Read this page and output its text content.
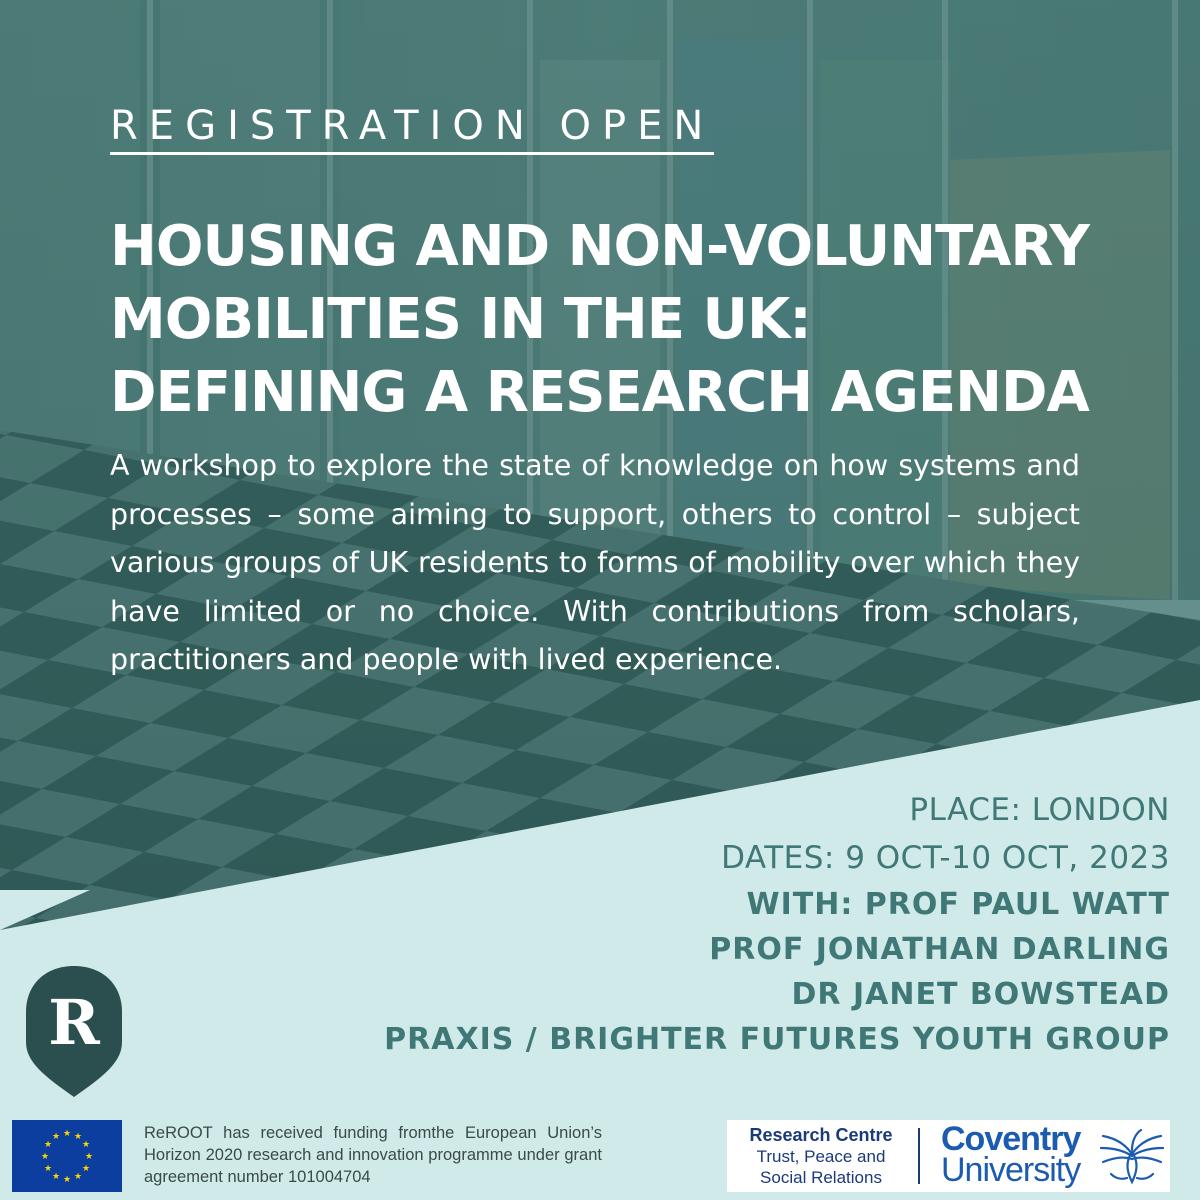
REGISTRATION OPEN
HOUSING AND NON-VOLUNTARY
MOBILITIES IN THE UK:
DEFINING A RESEARCH AGENDA

A workshop to explore the state of knowledge on how systems and processes – some aiming to support, others to control – subject various groups of UK residents to forms of mobility over which they have limited or no choice. With contributions from scholars, practitioners and people with lived experience.

PLACE: LONDON
DATES: 9 OCT-10 OCT, 2023
WITH: PROF PAUL WATT
PROF JONATHAN DARLING
DR JANET BOWSTEAD
PRAXIS / BRIGHTER FUTURES YOUTH GROUP
R
★ ★
★
★
★
★
★
★
★
★
★
★	ReROOT has received funding fromthe European Union’s Horizon 2020 research and innovation programme under grant agreement number 101004704

Research Centre
Trust, Peace and
Social Relations
Coventry
University
